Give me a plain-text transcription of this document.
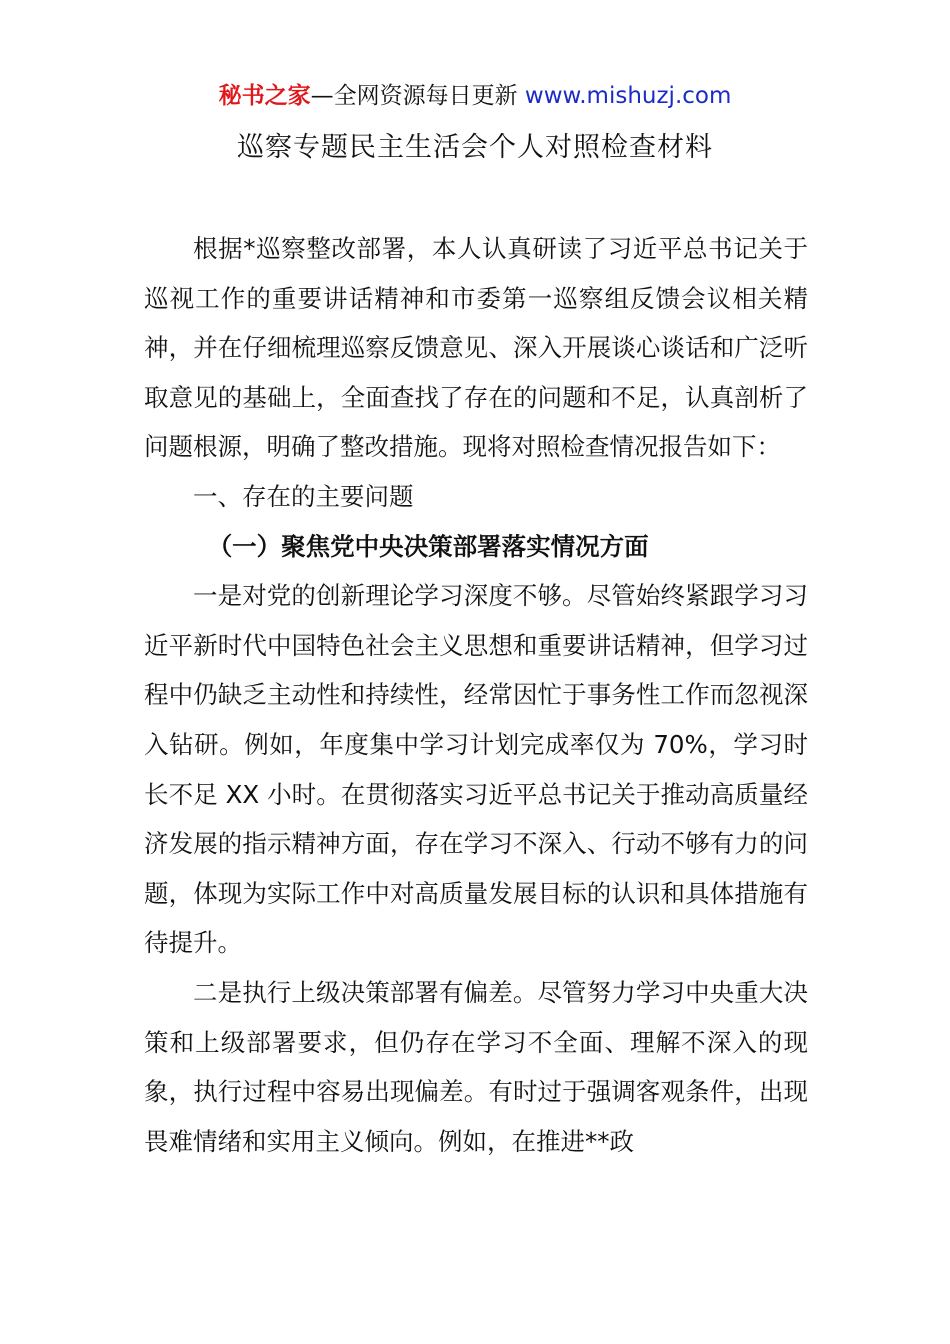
秘书之家—全网资源每日更新 www.mishuzj.com
巡察专题民主生活会个人对照检查材料

根据*巡察整改部署，本人认真研读了习近平总书记关于巡视工作的重要讲话精神和市委第一巡察组反馈会议相关精神，并在仔细梳理巡察反馈意见、深入开展谈心谈话和广泛听取意见的基础上，全面查找了存在的问题和不足，认真剖析了问题根源，明确了整改措施。现将对照检查情况报告如下：

一、存在的主要问题

（一）聚焦党中央决策部署落实情况方面

一是对党的创新理论学习深度不够。尽管始终紧跟学习习近平新时代中国特色社会主义思想和重要讲话精神，但学习过程中仍缺乏主动性和持续性，经常因忙于事务性工作而忽视深入钻研。例如，年度集中学习计划完成率仅为 70%，学习时长不足 XX 小时。在贯彻落实习近平总书记关于推动高质量经济发展的指示精神方面，存在学习不深入、行动不够有力的问题，体现为实际工作中对高质量发展目标的认识和具体措施有待提升。

二是执行上级决策部署有偏差。尽管努力学习中央重大决策和上级部署要求，但仍存在学习不全面、理解不深入的现象，执行过程中容易出现偏差。有时过于强调客观条件，出现畏难情绪和实用主义倾向。例如，在推进**政
